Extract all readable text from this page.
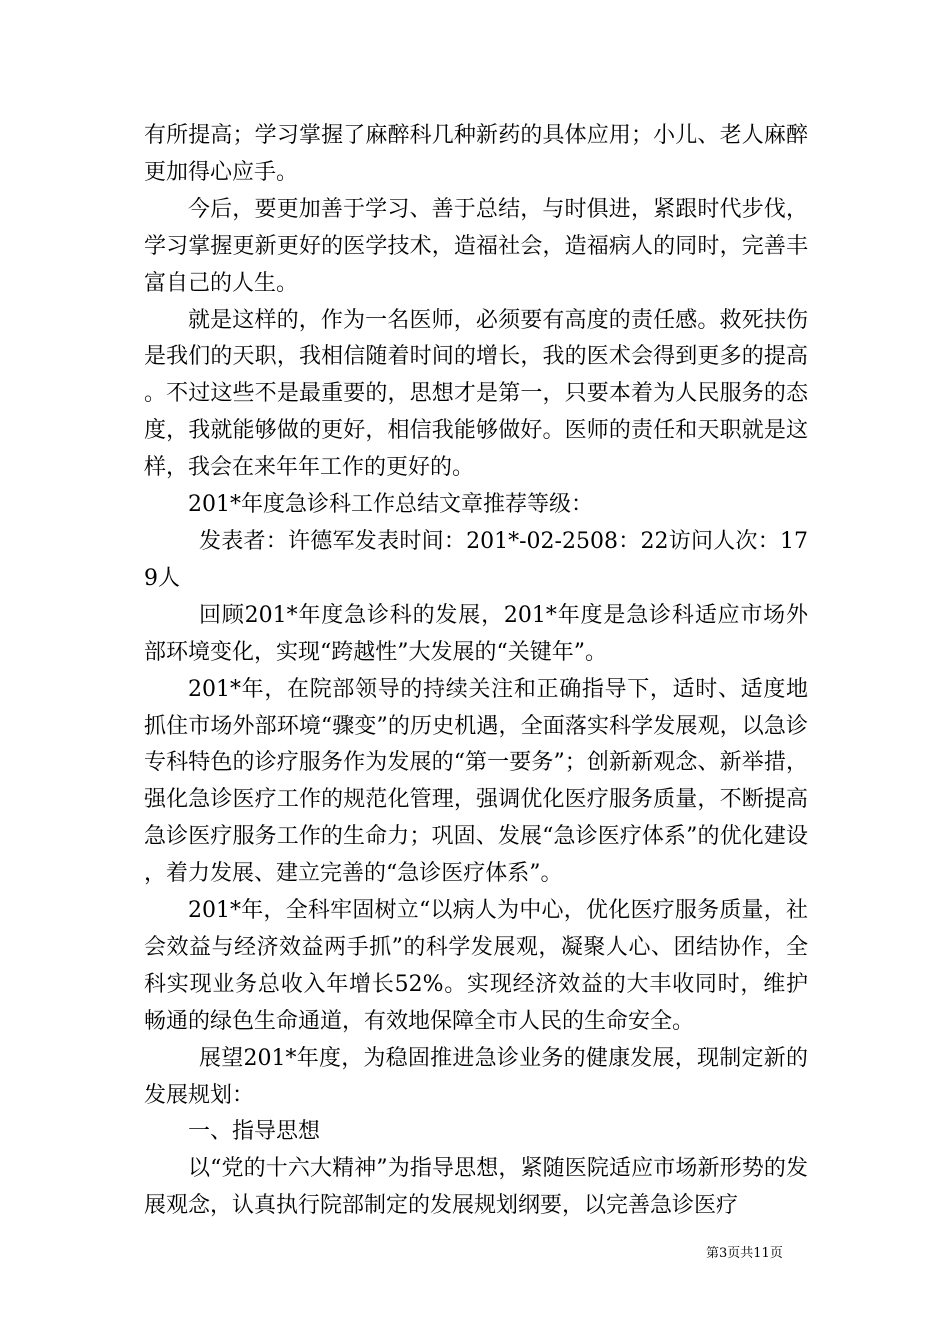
有所提高；学习掌握了麻醉科几种新药的具体应用；小儿、老人麻醉更加得心应手。

今后，要更加善于学习、善于总结，与时俱进，紧跟时代步伐，学习掌握更新更好的医学技术，造福社会，造福病人的同时，完善丰富自己的人生。

就是这样的，作为一名医师，必须要有高度的责任感。救死扶伤是我们的天职，我相信随着时间的增长，我的医术会得到更多的提高。不过这些不是最重要的，思想才是第一，只要本着为人民服务的态度，我就能够做的更好，相信我能够做好。医师的责任和天职就是这样，我会在来年年工作的更好的。

201*年度急诊科工作总结文章推荐等级：

发表者：许德军发表时间：201*-02-2508：22访问人次：179人

回顾201*年度急诊科的发展，201*年度是急诊科适应市场外部环境变化，实现“跨越性”大发展的“关键年”。

201*年，在院部领导的持续关注和正确指导下，适时、适度地抓住市场外部环境“骤变”的历史机遇，全面落实科学发展观，以急诊专科特色的诊疗服务作为发展的“第一要务”；创新新观念、新举措，强化急诊医疗工作的规范化管理，强调优化医疗服务质量，不断提高急诊医疗服务工作的生命力；巩固、发展“急诊医疗体系”的优化建设，着力发展、建立完善的“急诊医疗体系”。

201*年，全科牢固树立“以病人为中心，优化医疗服务质量，社会效益与经济效益两手抓”的科学发展观，凝聚人心、团结协作，全科实现业务总收入年增长52%。实现经济效益的大丰收同时，维护畅通的绿色生命通道，有效地保障全市人民的生命安全。

展望201*年度，为稳固推进急诊业务的健康发展，现制定新的发展规划：

一、指导思想

以“党的十六大精神”为指导思想，紧随医院适应市场新形势的发展观念，认真执行院部制定的发展规划纲要，以完善急诊医疗

第3页共11页
